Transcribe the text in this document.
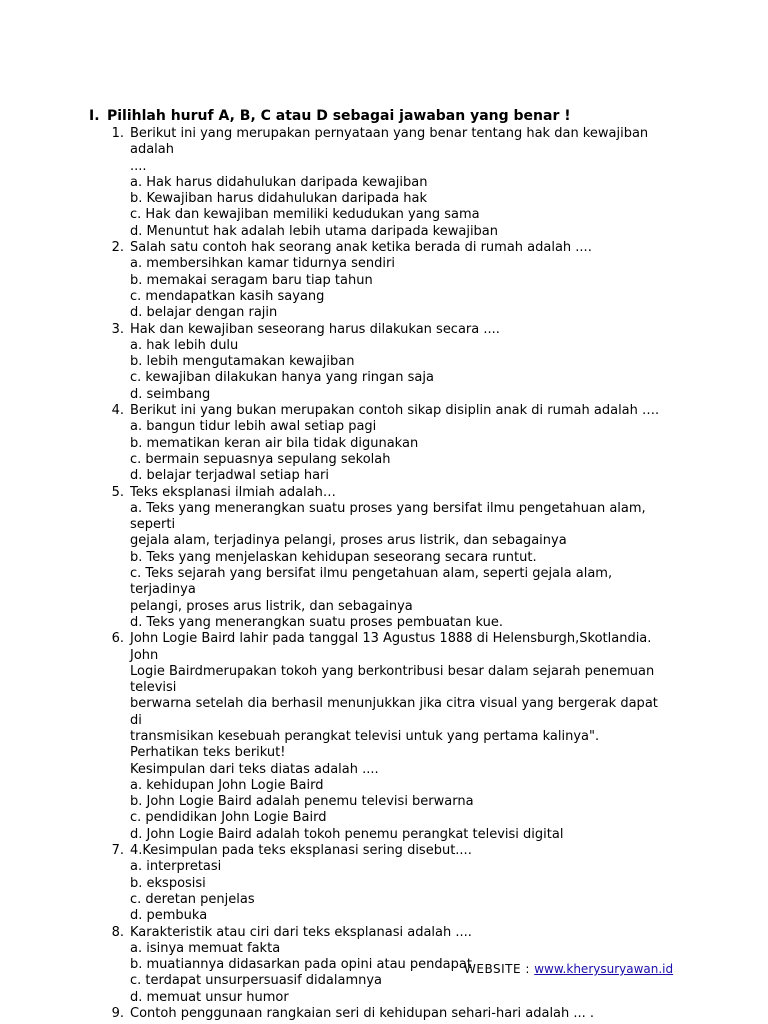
I. Pilihlah huruf A, B, C atau D sebagai jawaban yang benar !

1. Berikut ini yang merupakan pernyataan yang benar tentang hak dan kewajiban adalah
....
a. Hak harus didahulukan daripada kewajiban
b. Kewajiban harus didahulukan daripada hak
c. Hak dan kewajiban memiliki kedudukan yang sama
d. Menuntut hak adalah lebih utama daripada kewajiban
2. Salah satu contoh hak seorang anak ketika berada di rumah adalah ....
a. membersihkan kamar tidurnya sendiri
b. memakai seragam baru tiap tahun
c. mendapatkan kasih sayang
d. belajar dengan rajin
3. Hak dan kewajiban seseorang harus dilakukan secara ....
a. hak lebih dulu
b. lebih mengutamakan kewajiban
c. kewajiban dilakukan hanya yang ringan saja
d. seimbang
4. Berikut ini yang bukan merupakan contoh sikap disiplin anak di rumah adalah ….
a. bangun tidur lebih awal setiap pagi
b. mematikan keran air bila tidak digunakan
c. bermain sepuasnya sepulang sekolah
d. belajar terjadwal setiap hari
5. Teks eksplanasi ilmiah adalah…
a. Teks yang menerangkan suatu proses yang bersifat ilmu pengetahuan alam, seperti
gejala alam, terjadinya pelangi, proses arus listrik, dan sebagainya
b. Teks yang menjelaskan kehidupan seseorang secara runtut.
c. Teks sejarah yang bersifat ilmu pengetahuan alam, seperti gejala alam, terjadinya
pelangi, proses arus listrik, dan sebagainya
d. Teks yang menerangkan suatu proses pembuatan kue.
6. John Logie Baird lahir pada tanggal 13 Agustus 1888 di Helensburgh,Skotlandia. John
Logie Bairdmerupakan tokoh yang berkontribusi besar dalam sejarah penemuan televisi
berwarna setelah dia berhasil menunjukkan jika citra visual yang bergerak dapat di
transmisikan kesebuah perangkat televisi untuk yang pertama kalinya".
Perhatikan teks berikut!
Kesimpulan dari teks diatas adalah ....
a. kehidupan John Logie Baird
b. John Logie Baird adalah penemu televisi berwarna
c. pendidikan John Logie Baird
d. John Logie Baird adalah tokoh penemu perangkat televisi digital
7. 4.Kesimpulan pada teks eksplanasi sering disebut....
a. interpretasi
b. eksposisi
c. deretan penjelas
d. pembuka
8. Karakteristik atau ciri dari teks eksplanasi adalah ....
a. isinya memuat fakta
b. muatiannya didasarkan pada opini atau pendapat
c. terdapat unsurpersuasif didalamnya
d. memuat unsur humor
9. Contoh penggunaan rangkaian seri di kehidupan sehari-hari adalah ... .
WEBSITE : www.kherysuryawan.id
